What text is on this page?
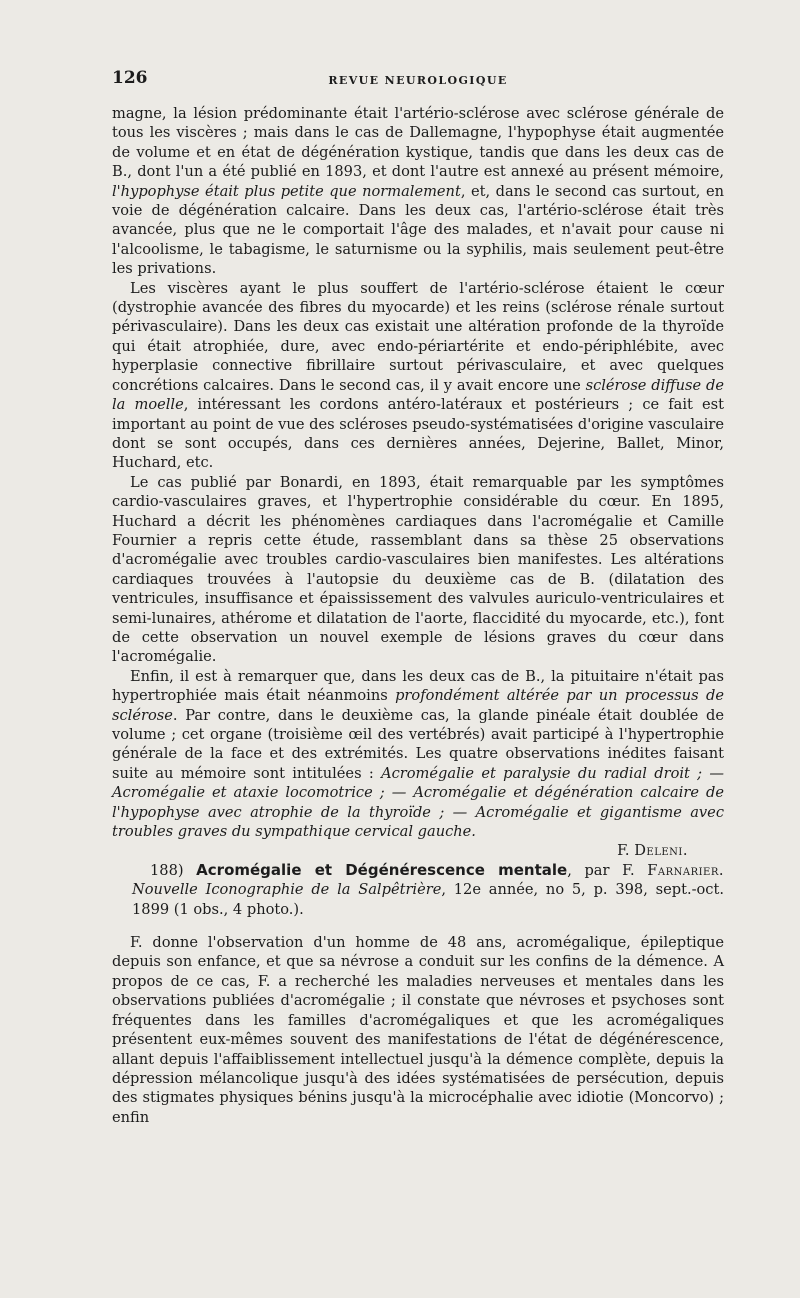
126	REVUE NEUROLOGIQUE

magne, la lésion prédominante était l'artério-sclérose avec sclérose générale de tous les viscères ; mais dans le cas de Dallemagne, l'hypophyse était augmentée de volume et en état de dégénération kystique, tandis que dans les deux cas de B., dont l'un a été publié en 1893, et dont l'autre est annexé au présent mémoire, l'hypophyse était plus petite que normalement, et, dans le second cas surtout, en voie de dégénération calcaire. Dans les deux cas, l'artério-sclérose était très avancée, plus que ne le comportait l'âge des malades, et n'avait pour cause ni l'alcoolisme, le tabagisme, le saturnisme ou la syphilis, mais seulement peut-être les privations.

Les viscères ayant le plus souffert de l'artério-sclérose étaient le cœur (dystrophie avancée des fibres du myocarde) et les reins (sclérose rénale surtout périvasculaire). Dans les deux cas existait une altération profonde de la thyroïde qui était atrophiée, dure, avec endo-périartérite et endo-périphlébite, avec hyperplasie connective fibrillaire surtout périvasculaire, et avec quelques concrétions calcaires. Dans le second cas, il y avait encore une sclérose diffuse de la moelle, intéressant les cordons antéro-latéraux et postérieurs ; ce fait est important au point de vue des scléroses pseudo-systématisées d'origine vasculaire dont se sont occupés, dans ces dernières années, Dejerine, Ballet, Minor, Huchard, etc.

Le cas publié par Bonardi, en 1893, était remarquable par les symptômes cardio-vasculaires graves, et l'hypertrophie considérable du cœur. En 1895, Huchard a décrit les phénomènes cardiaques dans l'acromégalie et Camille Fournier a repris cette étude, rassemblant dans sa thèse 25 observations d'acromégalie avec troubles cardio-vasculaires bien manifestes. Les altérations cardiaques trouvées à l'autopsie du deuxième cas de B. (dilatation des ventricules, insuffisance et épaississement des valvules auriculo-ventriculaires et semi-lunaires, athérome et dilatation de l'aorte, flaccidité du myocarde, etc.), font de cette observation un nouvel exemple de lésions graves du cœur dans l'acromégalie.

Enfin, il est à remarquer que, dans les deux cas de B., la pituitaire n'était pas hypertrophiée mais était néanmoins profondément altérée par un processus de sclérose. Par contre, dans le deuxième cas, la glande pinéale était doublée de volume ; cet organe (troisième œil des vertébrés) avait participé à l'hypertrophie générale de la face et des extrémités. Les quatre observations inédites faisant suite au mémoire sont intitulées : Acromégalie et paralysie du radial droit ; — Acromégalie et ataxie locomotrice ; — Acromégalie et dégénération calcaire de l'hypophyse avec atrophie de la thyroïde ; — Acromégalie et gigantisme avec troubles graves du sympathique cervical gauche.

F. Deleni.

188) Acromégalie et Dégénérescence mentale, par F. Farnarier. Nouvelle Iconographie de la Salpêtrière, 12e année, no 5, p. 398, sept.-oct. 1899 (1 obs., 4 photo.).

F. donne l'observation d'un homme de 48 ans, acromégalique, épileptique depuis son enfance, et que sa névrose a conduit sur les confins de la démence. A propos de ce cas, F. a recherché les maladies nerveuses et mentales dans les observations publiées d'acromégalie ; il constate que névroses et psychoses sont fréquentes dans les familles d'acromégaliques et que les acromégaliques présentent eux-mêmes souvent des manifestations de l'état de dégénérescence, allant depuis l'affaiblissement intellectuel jusqu'à la démence complète, depuis la dépression mélancolique jusqu'à des idées systématisées de persécution, depuis des stigmates physiques bénins jusqu'à la microcéphalie avec idiotie (Moncorvo) ; enfin
